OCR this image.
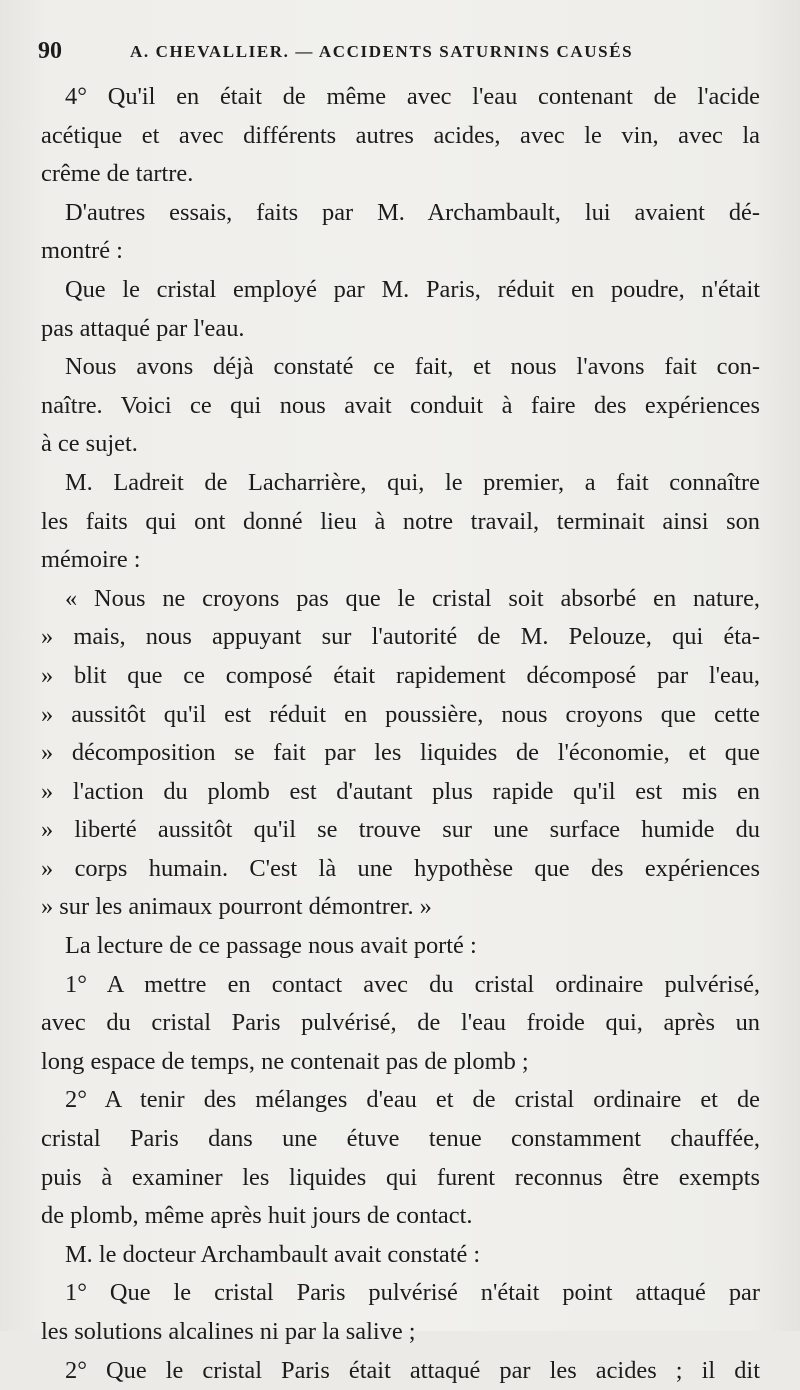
90	A. CHEVALLIER. — ACCIDENTS SATURNINS CAUSÉS
4° Qu'il en était de même avec l'eau contenant de l'acide
acétique et avec différents autres acides, avec le vin, avec la
crême de tartre.
D'autres essais, faits par M. Archambault, lui avaient dé-
montré :
Que le cristal employé par M. Paris, réduit en poudre, n'était
pas attaqué par l'eau.
Nous avons déjà constaté ce fait, et nous l'avons fait con-
naître. Voici ce qui nous avait conduit à faire des expériences
à ce sujet.
M. Ladreit de Lacharrière, qui, le premier, a fait connaître
les faits qui ont donné lieu à notre travail, terminait ainsi son
mémoire :
« Nous ne croyons pas que le cristal soit absorbé en nature,
» mais, nous appuyant sur l'autorité de M. Pelouze, qui éta-
» blit que ce composé était rapidement décomposé par l'eau,
» aussitôt qu'il est réduit en poussière, nous croyons que cette
» décomposition se fait par les liquides de l'économie, et que
» l'action du plomb est d'autant plus rapide qu'il est mis en
» liberté aussitôt qu'il se trouve sur une surface humide du
» corps humain. C'est là une hypothèse que des expériences
» sur les animaux pourront démontrer. »
La lecture de ce passage nous avait porté :
1° A mettre en contact avec du cristal ordinaire pulvérisé,
avec du cristal Paris pulvérisé, de l'eau froide qui, après un
long espace de temps, ne contenait pas de plomb ;
2° A tenir des mélanges d'eau et de cristal ordinaire et de
cristal Paris dans une étuve tenue constamment chauffée,
puis à examiner les liquides qui furent reconnus être exempts
de plomb, même après huit jours de contact.
M. le docteur Archambault avait constaté :
1° Que le cristal Paris pulvérisé n'était point attaqué par
les solutions alcalines ni par la salive ;
2° Que le cristal Paris était attaqué par les acides ; il dit
